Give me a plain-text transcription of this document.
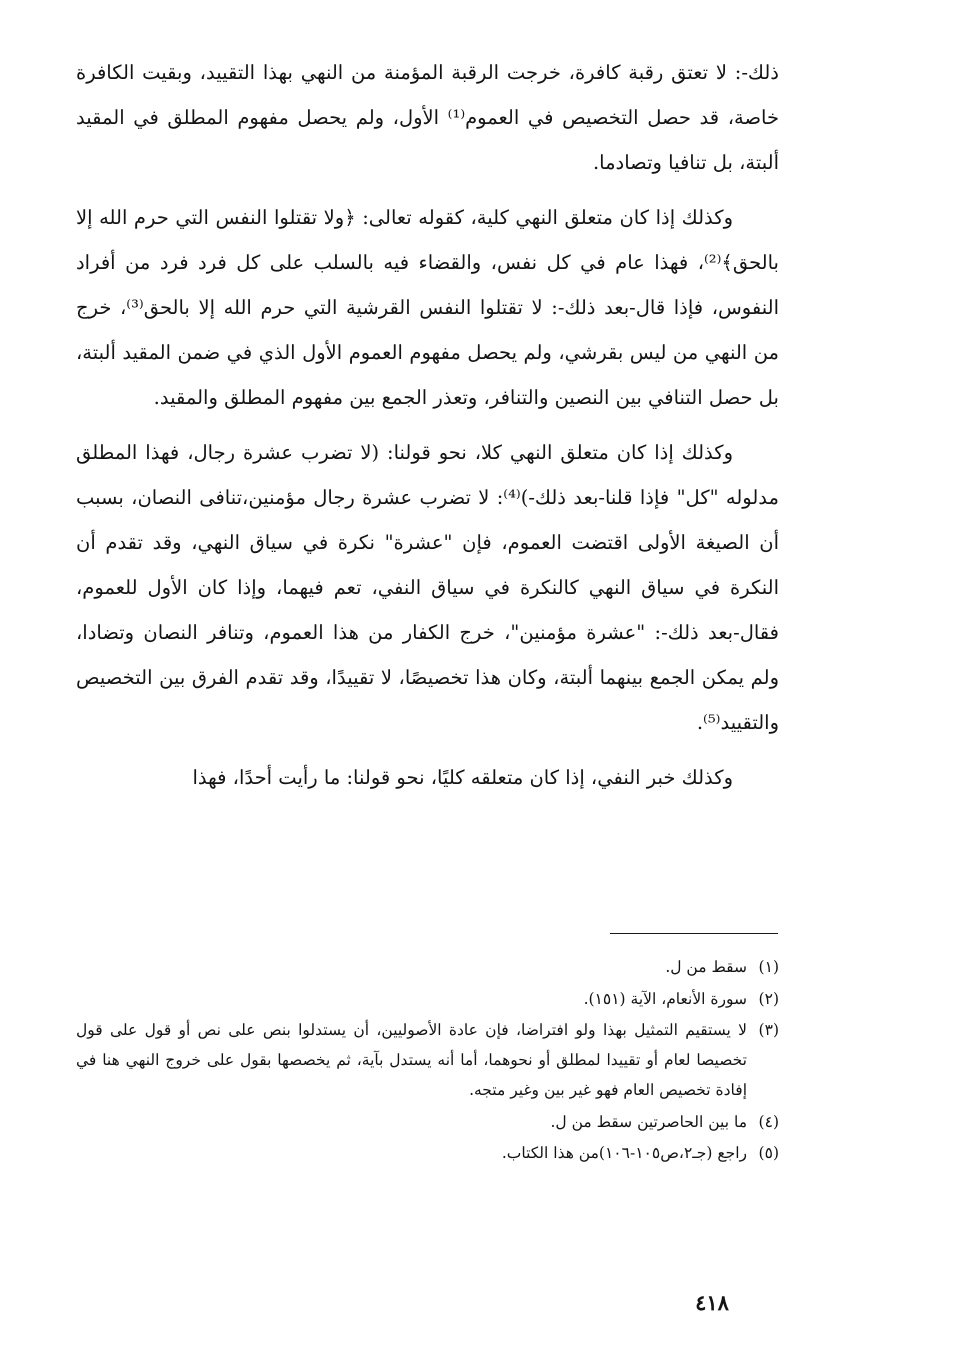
ذلك-: لا تعتق رقبة كافرة، خرجت الرقبة المؤمنة من النهي بهذا التقييد، وبقيت الكافرة خاصة، قد حصل التخصيص في العموم⁽¹⁾ الأول، ولم يحصل مفهوم المطلق في المقيد ألبتة، بل تنافيا وتصادما.

وكذلك إذا كان متعلق النهي كلية، كقوله تعالى: ﴿ولا تقتلوا النفس التي حرم الله إلا بالحق﴾⁽²⁾، فهذا عام في كل نفس، والقضاء فيه بالسلب على كل فرد فرد من أفراد النفوس، فإذا قال-بعد ذلك-: لا تقتلوا النفس القرشية التي حرم الله إلا بالحق⁽³⁾، خرج من النهي من ليس بقرشي، ولم يحصل مفهوم العموم الأول الذي في ضمن المقيد ألبتة، بل حصل التنافي بين النصين والتنافر، وتعذر الجمع بين مفهوم المطلق والمقيد.

وكذلك إذا كان متعلق النهي كلا، نحو قولنا: (لا تضرب عشرة رجال، فهذا المطلق مدلوله "كل" فإذا قلنا-بعد ذلك-)⁽⁴⁾: لا تضرب عشرة رجال مؤمنين،تنافى النصان، بسبب أن الصيغة الأولى اقتضت العموم، فإن "عشرة" نكرة في سياق النهي، وقد تقدم أن النكرة في سياق النهي كالنكرة في سياق النفي، تعم فيهما، وإذا كان الأول للعموم، فقال-بعد ذلك-: "عشرة مؤمنين"، خرج الكفار من هذا العموم، وتنافر النصان وتضادا، ولم يمكن الجمع بينهما ألبتة، وكان هذا تخصيصًا، لا تقييدًا، وقد تقدم الفرق بين التخصيص والتقييد⁽⁵⁾.

وكذلك خبر النفي، إذا كان متعلقه كليًا، نحو قولنا: ما رأيت أحدًا، فهذا

(١)سقط من ل.
(٢)سورة الأنعام، الآية (١٥١).
(٣)لا يستقيم التمثيل بهذا ولو افتراضا، فإن عادة الأصوليين، أن يستدلوا بنص على نص أو قول على قول تخصيصا لعام أو تقييدا لمطلق أو نحوهما، أما أنه يستدل بآية، ثم يخصصها بقول على خروج النهي هنا في إفادة تخصيص العام فهو غير بين وغير متجه.
(٤)ما بين الحاصرتين سقط من ل.
(٥)راجع (جـ٢،ص١٠٥-١٠٦)من هذا الكتاب.
٤١٨
